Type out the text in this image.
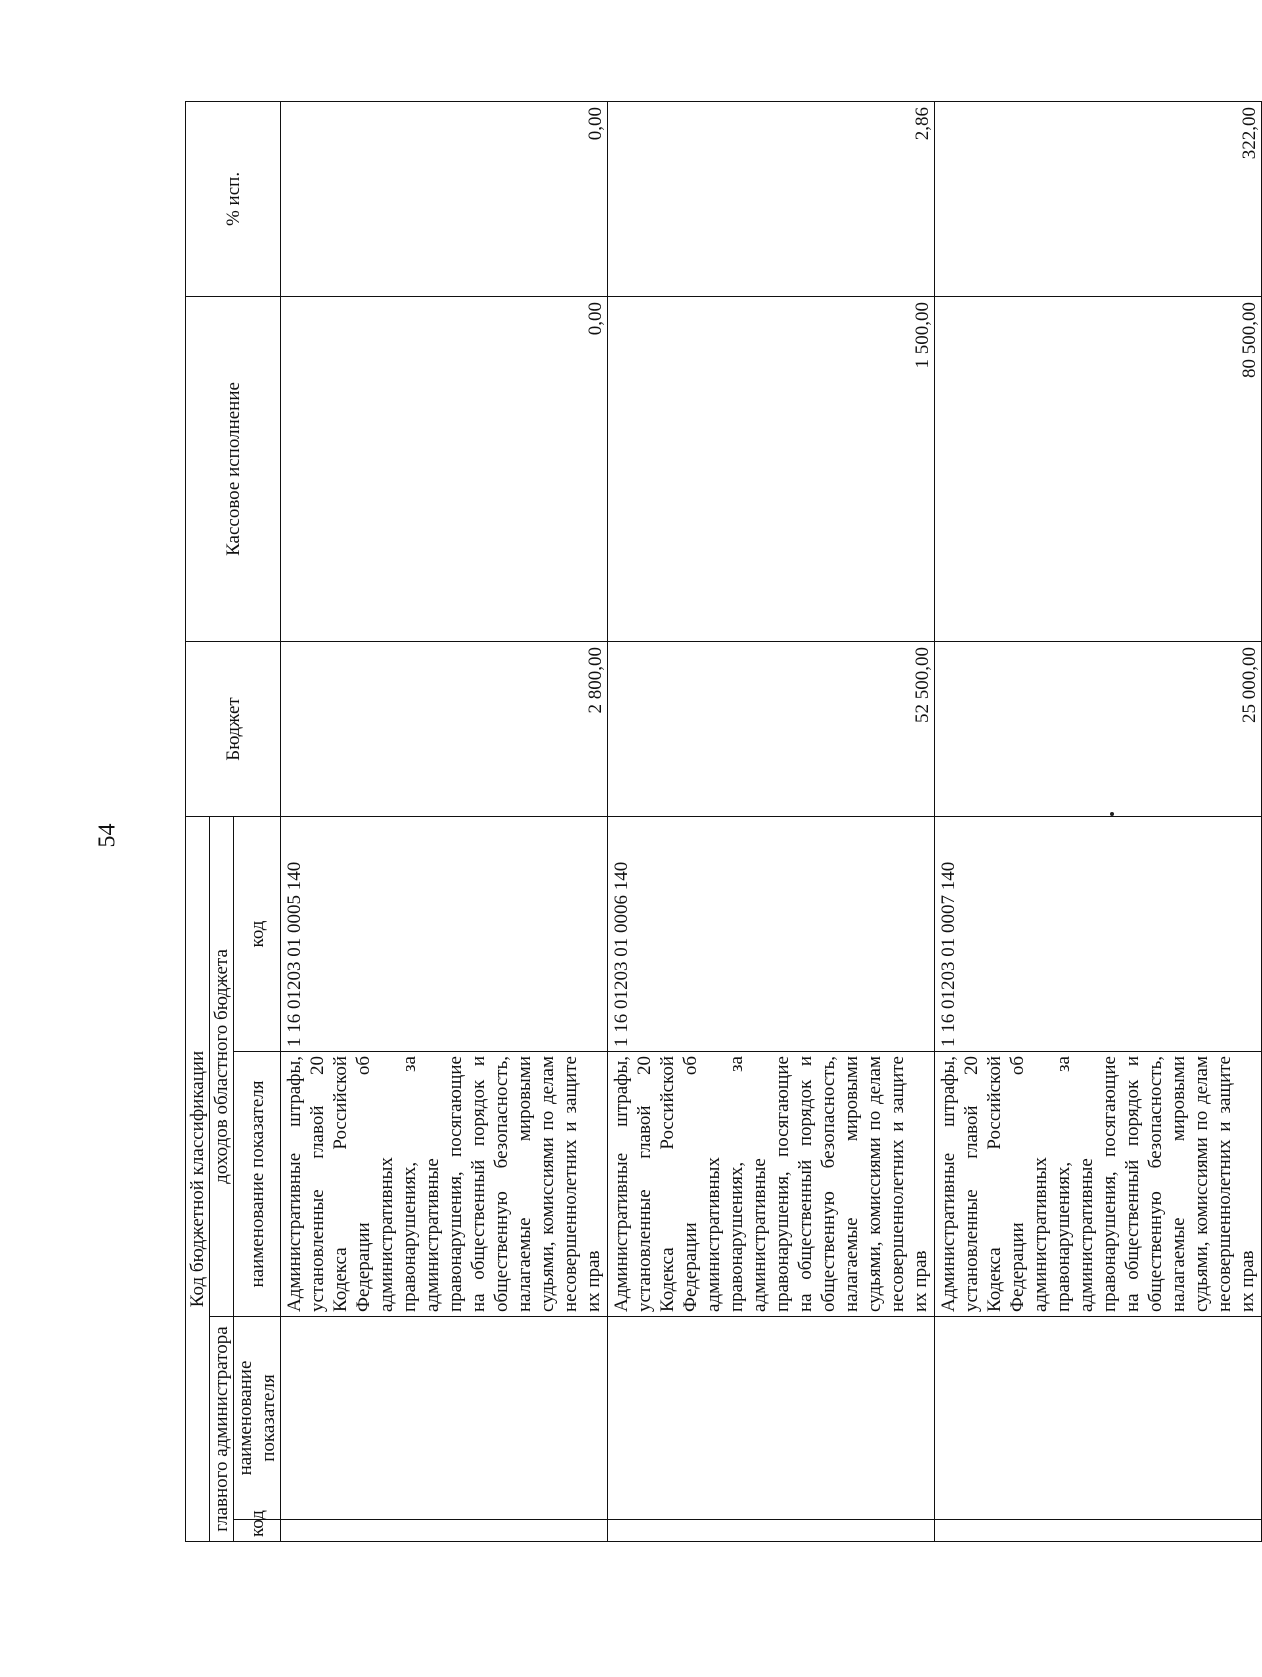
54
Код бюджетной классификации				Бюджет	Кассовое исполнение	% исп.
главного администратора		доходов областного бюджета				
код	наименование показателя	наименование показателя	код			
		Административные штрафы, установленные главой 20 Кодекса Российской Федерации об административных правонарушениях, за административные правонарушения, посягающие на общественный порядок и общественную безопасность, налагаемые мировыми судьями, комиссиями по делам несовершеннолетних и защите их прав	1 16 01203 01 0005 140	2 800,00	0,00	0,00
		Административные штрафы, установленные главой 20 Кодекса Российской Федерации об административных правонарушениях, за административные правонарушения, посягающие на общественный порядок и общественную безопасность, налагаемые мировыми судьями, комиссиями по делам несовершеннолетних и защите их прав	1 16 01203 01 0006 140	52 500,00	1 500,00	2,86
		Административные штрафы, установленные главой 20 Кодекса Российской Федерации об административных правонарушениях, за административные правонарушения, посягающие на общественный порядок и общественную безопасность, налагаемые мировыми судьями, комиссиями по делам несовершеннолетних и защите их прав	1 16 01203 01 0007 140	25 000,00	80 500,00	322,00
